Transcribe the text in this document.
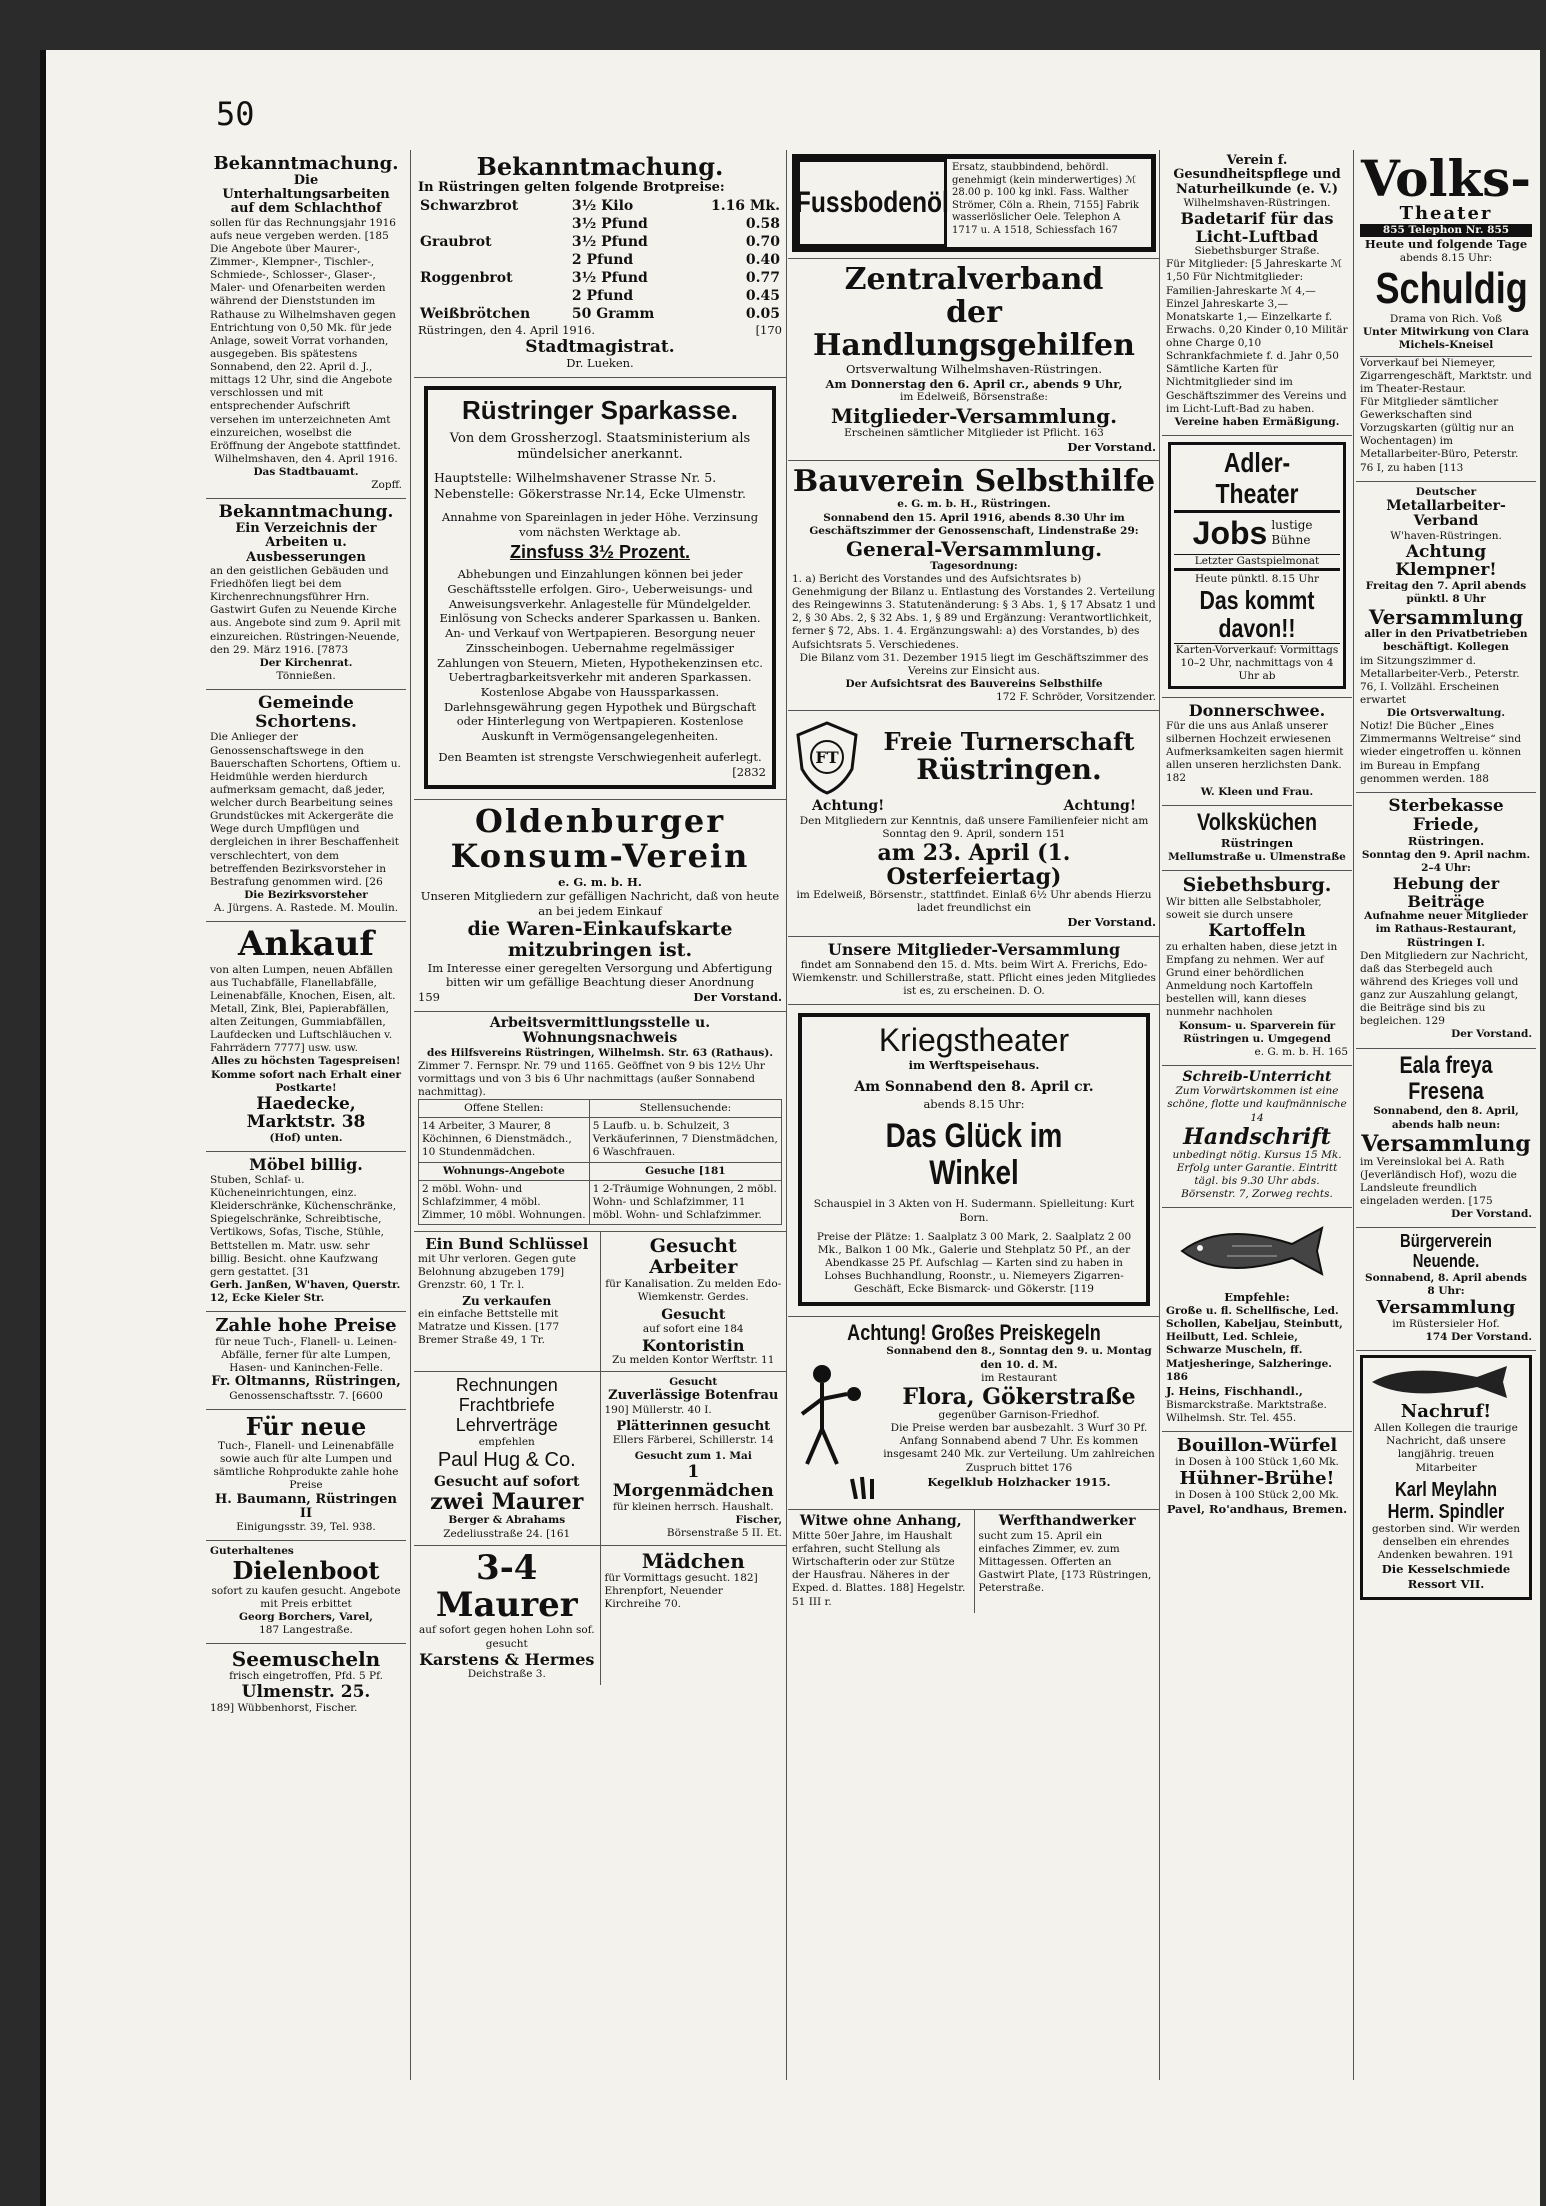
50
Bekanntmachung.
Die Unterhaltungsarbeiten auf dem Schlachthof
sollen für das Rechnungsjahr 1916 aufs neue vergeben werden. [185 Die Angebote über Maurer-, Zimmer-, Klempner-, Tischler-, Schmiede-, Schlosser-, Glaser-, Maler- und Ofenarbeiten werden während der Dienststunden im Rathause zu Wilhelmshaven gegen Entrichtung von 0,50 Mk. für jede Anlage, soweit Vorrat vorhanden, ausgegeben. Bis spätestens Sonnabend, den 22. April d. J., mittags 12 Uhr, sind die Angebote verschlossen und mit entsprechender Aufschrift versehen im unterzeichneten Amt einzureichen, woselbst die Eröffnung der Angebote stattfindet.
Wilhelmshaven, den 4. April 1916.
Das Stadtbauamt.
Zopff.
Bekanntmachung.
Ein Verzeichnis der Arbeiten u. Ausbesserungen
an den geistlichen Gebäuden und Friedhöfen liegt bei dem Kirchenrechnungsführer Hrn. Gastwirt Gufen zu Neuende Kirche aus. Angebote sind zum 9. April mit einzureichen. Rüstringen-Neuende, den 29. März 1916. [7873
Der Kirchenrat.
Tönnießen.
Gemeinde Schortens.
Die Anlieger der Genossenschaftswege in den Bauerschaften Schortens, Oftiem u. Heidmühle werden hierdurch aufmerksam gemacht, daß jeder, welcher durch Bearbeitung seines Grundstückes mit Ackergeräte die Wege durch Umpflügen und dergleichen in ihrer Beschaffenheit verschlechtert, von dem betreffenden Bezirksvorsteher in Bestrafung genommen wird. [26
Die Bezirksvorsteher
A. Jürgens. A. Rastede. M. Moulin.
Ankauf
von alten Lumpen, neuen Abfällen aus Tuchabfälle, Flanellabfälle, Leinenabfälle, Knochen, Eisen, alt. Metall, Zink, Blei, Papierabfällen, alten Zeitungen, Gummiabfällen, Laufdecken und Luftschläuchen v. Fahrrädern 7777] usw. usw.
Alles zu höchsten Tagespreisen! Komme sofort nach Erhalt einer Postkarte!
Haedecke, Marktstr. 38
(Hof) unten.
Möbel billig.
Stuben, Schlaf- u. Kücheneinrichtungen, einz. Kleiderschränke, Küchenschränke, Spiegelschränke, Schreibtische, Vertikows, Sofas, Tische, Stühle, Bettstellen m. Matr. usw. sehr billig. Besicht. ohne Kaufzwang gern gestattet. [31
Gerh. Janßen, W'haven, Querstr. 12, Ecke Kieler Str.
Zahle hohe Preise
für neue Tuch-, Flanell- u. Leinen-Abfälle, ferner für alte Lumpen, Hasen- und Kaninchen-Felle.
Fr. Oltmanns, Rüstringen,
Genossenschaftsstr. 7. [6600
Für neue
Tuch-, Flanell- und Leinenabfälle sowie auch für alte Lumpen und sämtliche Rohprodukte zahle hohe Preise
H. Baumann, Rüstringen II
Einigungsstr. 39, Tel. 938.
Guterhaltenes
Dielenboot
sofort zu kaufen gesucht. Angebote mit Preis erbittet
Georg Borchers, Varel,
187 Langestraße.
Seemuscheln
frisch eingetroffen, Pfd. 5 Pf.
Ulmenstr. 25.
189] Wübbenhorst, Fischer.
Bekanntmachung.
In Rüstringen gelten folgende Brotpreise:
Schwarzbrot	3½ Kilo	1.16 Mk.
	3½ Pfund	0.58
Graubrot	3½ Pfund	0.70
	2 Pfund	0.40
Roggenbrot	3½ Pfund	0.77
	2 Pfund	0.45
Weißbrötchen	50 Gramm	0.05
Rüstringen, den 4. April 1916.	[170
Stadtmagistrat.
Dr. Lueken.
Rüstringer Sparkasse.
Von dem Grossherzogl. Staatsministerium als mündelsicher anerkannt.
Hauptstelle: Wilhelmshavener Strasse Nr. 5.
Nebenstelle: Gökerstrasse Nr.14, Ecke Ulmenstr.
Annahme von Spareinlagen in jeder Höhe. Verzinsung vom nächsten Werktage ab.
Zinsfuss 3½ Prozent.
Abhebungen und Einzahlungen können bei jeder Geschäftsstelle erfolgen. Giro-, Ueberweisungs- und Anweisungsverkehr. Anlagestelle für Mündelgelder. Einlösung von Schecks anderer Sparkassen u. Banken. An- und Verkauf von Wertpapieren. Besorgung neuer Zinsscheinbogen. Uebernahme regelmässiger Zahlungen von Steuern, Mieten, Hypothekenzinsen etc. Uebertragbarkeitsverkehr mit anderen Sparkassen. Kostenlose Abgabe von Haussparkassen. Darlehnsgewährung gegen Hypothek und Bürgschaft oder Hinterlegung von Wertpapieren. Kostenlose Auskunft in Vermögensangelegenheiten.
Den Beamten ist strengste Verschwiegenheit auferlegt.
[2832
Oldenburger
Konsum-Verein
e. G. m. b. H.
Unseren Mitgliedern zur gefälligen Nachricht, daß von heute an bei jedem Einkauf
die Waren-Einkaufskarte mitzubringen ist.
Im Interesse einer geregelten Versorgung und Abfertigung bitten wir um gefällige Beachtung dieser Anordnung
159	Der Vorstand.
Arbeitsvermittlungsstelle u. Wohnungsnachweis
des Hilfsvereins Rüstringen, Wilhelmsh. Str. 63 (Rathaus).
Zimmer 7. Fernspr. Nr. 79 und 1165. Geöffnet von 9 bis 12½ Uhr vormittags und von 3 bis 6 Uhr nachmittags (außer Sonnabend nachmittag).
Offene Stellen:	Stellensuchende:
14 Arbeiter, 3 Maurer, 8 Köchinnen, 6 Dienstmädch., 10 Stundenmädchen.	5 Laufb. u. b. Schulzeit, 3 Verkäuferinnen, 7 Dienstmädchen, 6 Waschfrauen.
Wohnungs-Angebote	Gesuche [181
2 möbl. Wohn- und Schlafzimmer, 4 möbl. Zimmer, 10 möbl. Wohnungen.	1 2-Träumige Wohnungen, 2 möbl. Wohn- und Schlafzimmer, 11 möbl. Wohn- und Schlafzimmer.
Ein Bund Schlüssel
mit Uhr verloren. Gegen gute Belohnung abzugeben 179] Grenzstr. 60, 1 Tr. l.
Zu verkaufen
ein einfache Bettstelle mit Matratze und Kissen. [177 Bremer Straße 49, 1 Tr.
Gesucht Arbeiter
für Kanalisation. Zu melden Edo-Wiemkenstr. Gerdes.
Gesucht
auf sofort eine 184
Kontoristin
Zu melden Kontor Werftstr. 11
Rechnungen
Frachtbriefe
Lehrverträge
empfehlen
Paul Hug & Co.
Gesucht auf sofort
zwei Maurer
Berger & Abrahams
Zedeliusstraße 24. [161
Gesucht
Zuverlässige Botenfrau
190] Müllerstr. 40 I.
Plätterinnen gesucht
Ellers Färberei, Schillerstr. 14
Gesucht zum 1. Mai
1 Morgenmädchen
für kleinen herrsch. Haushalt.
Fischer,
Börsenstraße 5 II. Et.
3-4 Maurer
auf sofort gegen hohen Lohn sof. gesucht
Karstens & Hermes
Deichstraße 3.
Mädchen
für Vormittags gesucht. 182] Ehrenpfort, Neuender Kirchreihe 70.
Fussbodenöl
Ersatz, staubbindend, behördl. genehmigt (kein minderwertiges) ℳ 28.00 p. 100 kg inkl. Fass. Walther Strömer, Cöln a. Rhein, 7155] Fabrik wasserlöslicher Oele. Telephon A 1717 u. A 1518, Schiessfach 167
Zentralverband
der Handlungsgehilfen
Ortsverwaltung Wilhelmshaven-Rüstringen.
Am Donnerstag den 6. April cr., abends 9 Uhr,
im Edelweiß, Börsenstraße:
Mitglieder-Versammlung.
Erscheinen sämtlicher Mitglieder ist Pflicht. 163
Der Vorstand.
Bauverein Selbsthilfe
e. G. m. b. H., Rüstringen.
Sonnabend den 15. April 1916, abends 8.30 Uhr im Geschäftszimmer der Genossenschaft, Lindenstraße 29:
General-Versammlung.
Tagesordnung:
1. a) Bericht des Vorstandes und des Aufsichtsrates b) Genehmigung der Bilanz u. Entlastung des Vorstandes 2. Verteilung des Reingewinns 3. Statutenänderung: § 3 Abs. 1, § 17 Absatz 1 und 2, § 30 Abs. 2, § 32 Abs. 1, § 89 und Ergänzung: Verantwortlichkeit, ferner § 72, Abs. 1. 4. Ergänzungswahl: a) des Vorstandes, b) des Aufsichtsrats 5. Verschiedenes.
Die Bilanz vom 31. Dezember 1915 liegt im Geschäftszimmer des Vereins zur Einsicht aus.
Der Aufsichtsrat des Bauvereins Selbsthilfe
172 F. Schröder, Vorsitzender.
FT
Freie Turnerschaft
Rüstringen.
Achtung!	Achtung!
Den Mitgliedern zur Kenntnis, daß unsere Familienfeier nicht am Sonntag den 9. April, sondern 151
am 23. April (1. Osterfeiertag)
im Edelweiß, Börsenstr., stattfindet. Einlaß 6½ Uhr abends Hierzu ladet freundlichst ein
Der Vorstand.
Unsere Mitglieder-Versammlung
findet am Sonnabend den 15. d. Mts. beim Wirt A. Frerichs, Edo-Wiemkenstr. und Schillerstraße, statt. Pflicht eines jeden Mitgliedes ist es, zu erscheinen. D. O.
Kriegstheater
im Werftspeisehaus.
Am Sonnabend den 8. April cr.
abends 8.15 Uhr:
Das Glück im Winkel
Schauspiel in 3 Akten von H. Sudermann. Spielleitung: Kurt Born.
Preise der Plätze: 1. Saalplatz 3 00 Mark, 2. Saalplatz 2 00 Mk., Balkon 1 00 Mk., Galerie und Stehplatz 50 Pf., an der Abendkasse 25 Pf. Aufschlag — Karten sind zu haben in Lohses Buchhandlung, Roonstr., u. Niemeyers Zigarren-Geschäft, Ecke Bismarck- und Gökerstr. [119
Achtung! Großes Preiskegeln
Sonnabend den 8., Sonntag den 9. u. Montag den 10. d. M.
im Restaurant
Flora, Gökerstraße
gegenüber Garnison-Friedhof.
Die Preise werden bar ausbezahlt. 3 Wurf 30 Pf. Anfang Sonnabend abend 7 Uhr. Es kommen insgesamt 240 Mk. zur Verteilung. Um zahlreichen Zuspruch bittet 176
Kegelklub Holzhacker 1915.
Witwe ohne Anhang,
Mitte 50er Jahre, im Haushalt erfahren, sucht Stellung als Wirtschafterin oder zur Stütze der Hausfrau. Näheres in der Exped. d. Blattes. 188] Hegelstr. 51 III r.
Werfthandwerker
sucht zum 15. April ein einfaches Zimmer, ev. zum Mittagessen. Offerten an Gastwirt Plate, [173 Rüstringen, Peterstraße.
Verein f. Gesundheitspflege und Naturheilkunde (e. V.)
Wilhelmshaven-Rüstringen.
Badetarif für das Licht-Luftbad
Siebethsburger Straße.
Für Mitglieder: [5 Jahreskarte ℳ 1,50 Für Nichtmitglieder: Familien-Jahreskarte ℳ 4,— Einzel Jahreskarte 3,— Monatskarte 1,— Einzelkarte f. Erwachs. 0,20 Kinder 0,10 Militär ohne Charge 0,10 Schrankfachmiete f. d. Jahr 0,50
Sämtliche Karten für Nichtmitglieder sind im Geschäftszimmer des Vereins und im Licht-Luft-Bad zu haben.
Vereine haben Ermäßigung.
Adler-Theater
Jobs lustige Bühne
Letzter Gastspielmonat
Heute pünktl. 8.15 Uhr
Das kommt davon!!
Karten-Vorverkauf: Vormittags 10–2 Uhr, nachmittags von 4 Uhr ab
Donnerschwee.
Für die uns aus Anlaß unserer silbernen Hochzeit erwiesenen Aufmerksamkeiten sagen hiermit allen unseren herzlichsten Dank. 182
W. Kleen und Frau.
Volksküchen
Rüstringen
Mellumstraße u. Ulmenstraße
Siebethsburg.
Wir bitten alle Selbstabholer, soweit sie durch unsere
Kartoffeln
zu erhalten haben, diese jetzt in Empfang zu nehmen. Wer auf Grund einer behördlichen Anmeldung noch Kartoffeln bestellen will, kann dieses nunmehr nachholen
Konsum- u. Sparverein für Rüstringen u. Umgegend
e. G. m. b. H. 165
Schreib-Unterricht
Zum Vorwärtskommen ist eine schöne, flotte und kaufmännische 14
Handschrift
unbedingt nötig. Kursus 15 Mk. Erfolg unter Garantie. Eintritt tägl. bis 9.30 Uhr abds. Börsenstr. 7, Zorweg rechts.
Empfehle:
Große u. fl. Schellfische, Led. Schollen, Kabeljau, Steinbutt, Heilbutt, Led. Schleie, Schwarze Muscheln, ff. Matjesheringe, Salzheringe. 186
J. Heins, Fischhandl.,
Bismarckstraße. Marktstraße. Wilhelmsh. Str. Tel. 455.
Bouillon-Würfel
in Dosen à 100 Stück 1,60 Mk.
Hühner-Brühe!
in Dosen à 100 Stück 2,00 Mk.
Pavel, Ro'andhaus, Bremen.
Volks-
Theater
855 Telephon Nr. 855
Heute und folgende Tage
abends 8.15 Uhr:
Schuldig
Drama von Rich. Voß
Unter Mitwirkung von Clara Michels-Kneisel
Vorverkauf bei Niemeyer, Zigarrengeschäft, Marktstr. und im Theater-Restaur.
Für Mitglieder sämtlicher Gewerkschaften sind Vorzugskarten (gültig nur an Wochentagen) im Metallarbeiter-Büro, Peterstr. 76 I, zu haben [113
Deutscher
Metallarbeiter-Verband
W'haven-Rüstringen.
Achtung Klempner!
Freitag den 7. April abends pünktl. 8 Uhr
Versammlung
aller in den Privatbetrieben beschäftigt. Kollegen
im Sitzungszimmer d. Metallarbeiter-Verb., Peterstr. 76, I. Vollzähl. Erscheinen erwartet
Die Ortsverwaltung.
Notiz! Die Bücher „Eines Zimmermanns Weltreise“ sind wieder eingetroffen u. können im Bureau in Empfang genommen werden. 188
Sterbekasse Friede,
Rüstringen.
Sonntag den 9. April nachm. 2–4 Uhr:
Hebung der Beiträge
Aufnahme neuer Mitglieder
im Rathaus-Restaurant, Rüstringen I.
Den Mitgliedern zur Nachricht, daß das Sterbegeld auch während des Krieges voll und ganz zur Auszahlung gelangt, die Beiträge sind bis zu begleichen. 129
Der Vorstand.
Eala freya Fresena
Sonnabend, den 8. April, abends halb neun:
Versammlung
im Vereinslokal bei A. Rath (Jeverländisch Hof), wozu die Landsleute freundlich eingeladen werden. [175
Der Vorstand.
Bürgerverein Neuende.
Sonnabend, 8. April abends 8 Uhr:
Versammlung
im Rüstersieler Hof.
174 Der Vorstand.
Nachruf!
Allen Kollegen die traurige Nachricht, daß unsere langjährig. treuen Mitarbeiter
Karl Meylahn
Herm. Spindler
gestorben sind. Wir werden denselben ein ehrendes Andenken bewahren. 191
Die Kesselschmiede Ressort VII.
